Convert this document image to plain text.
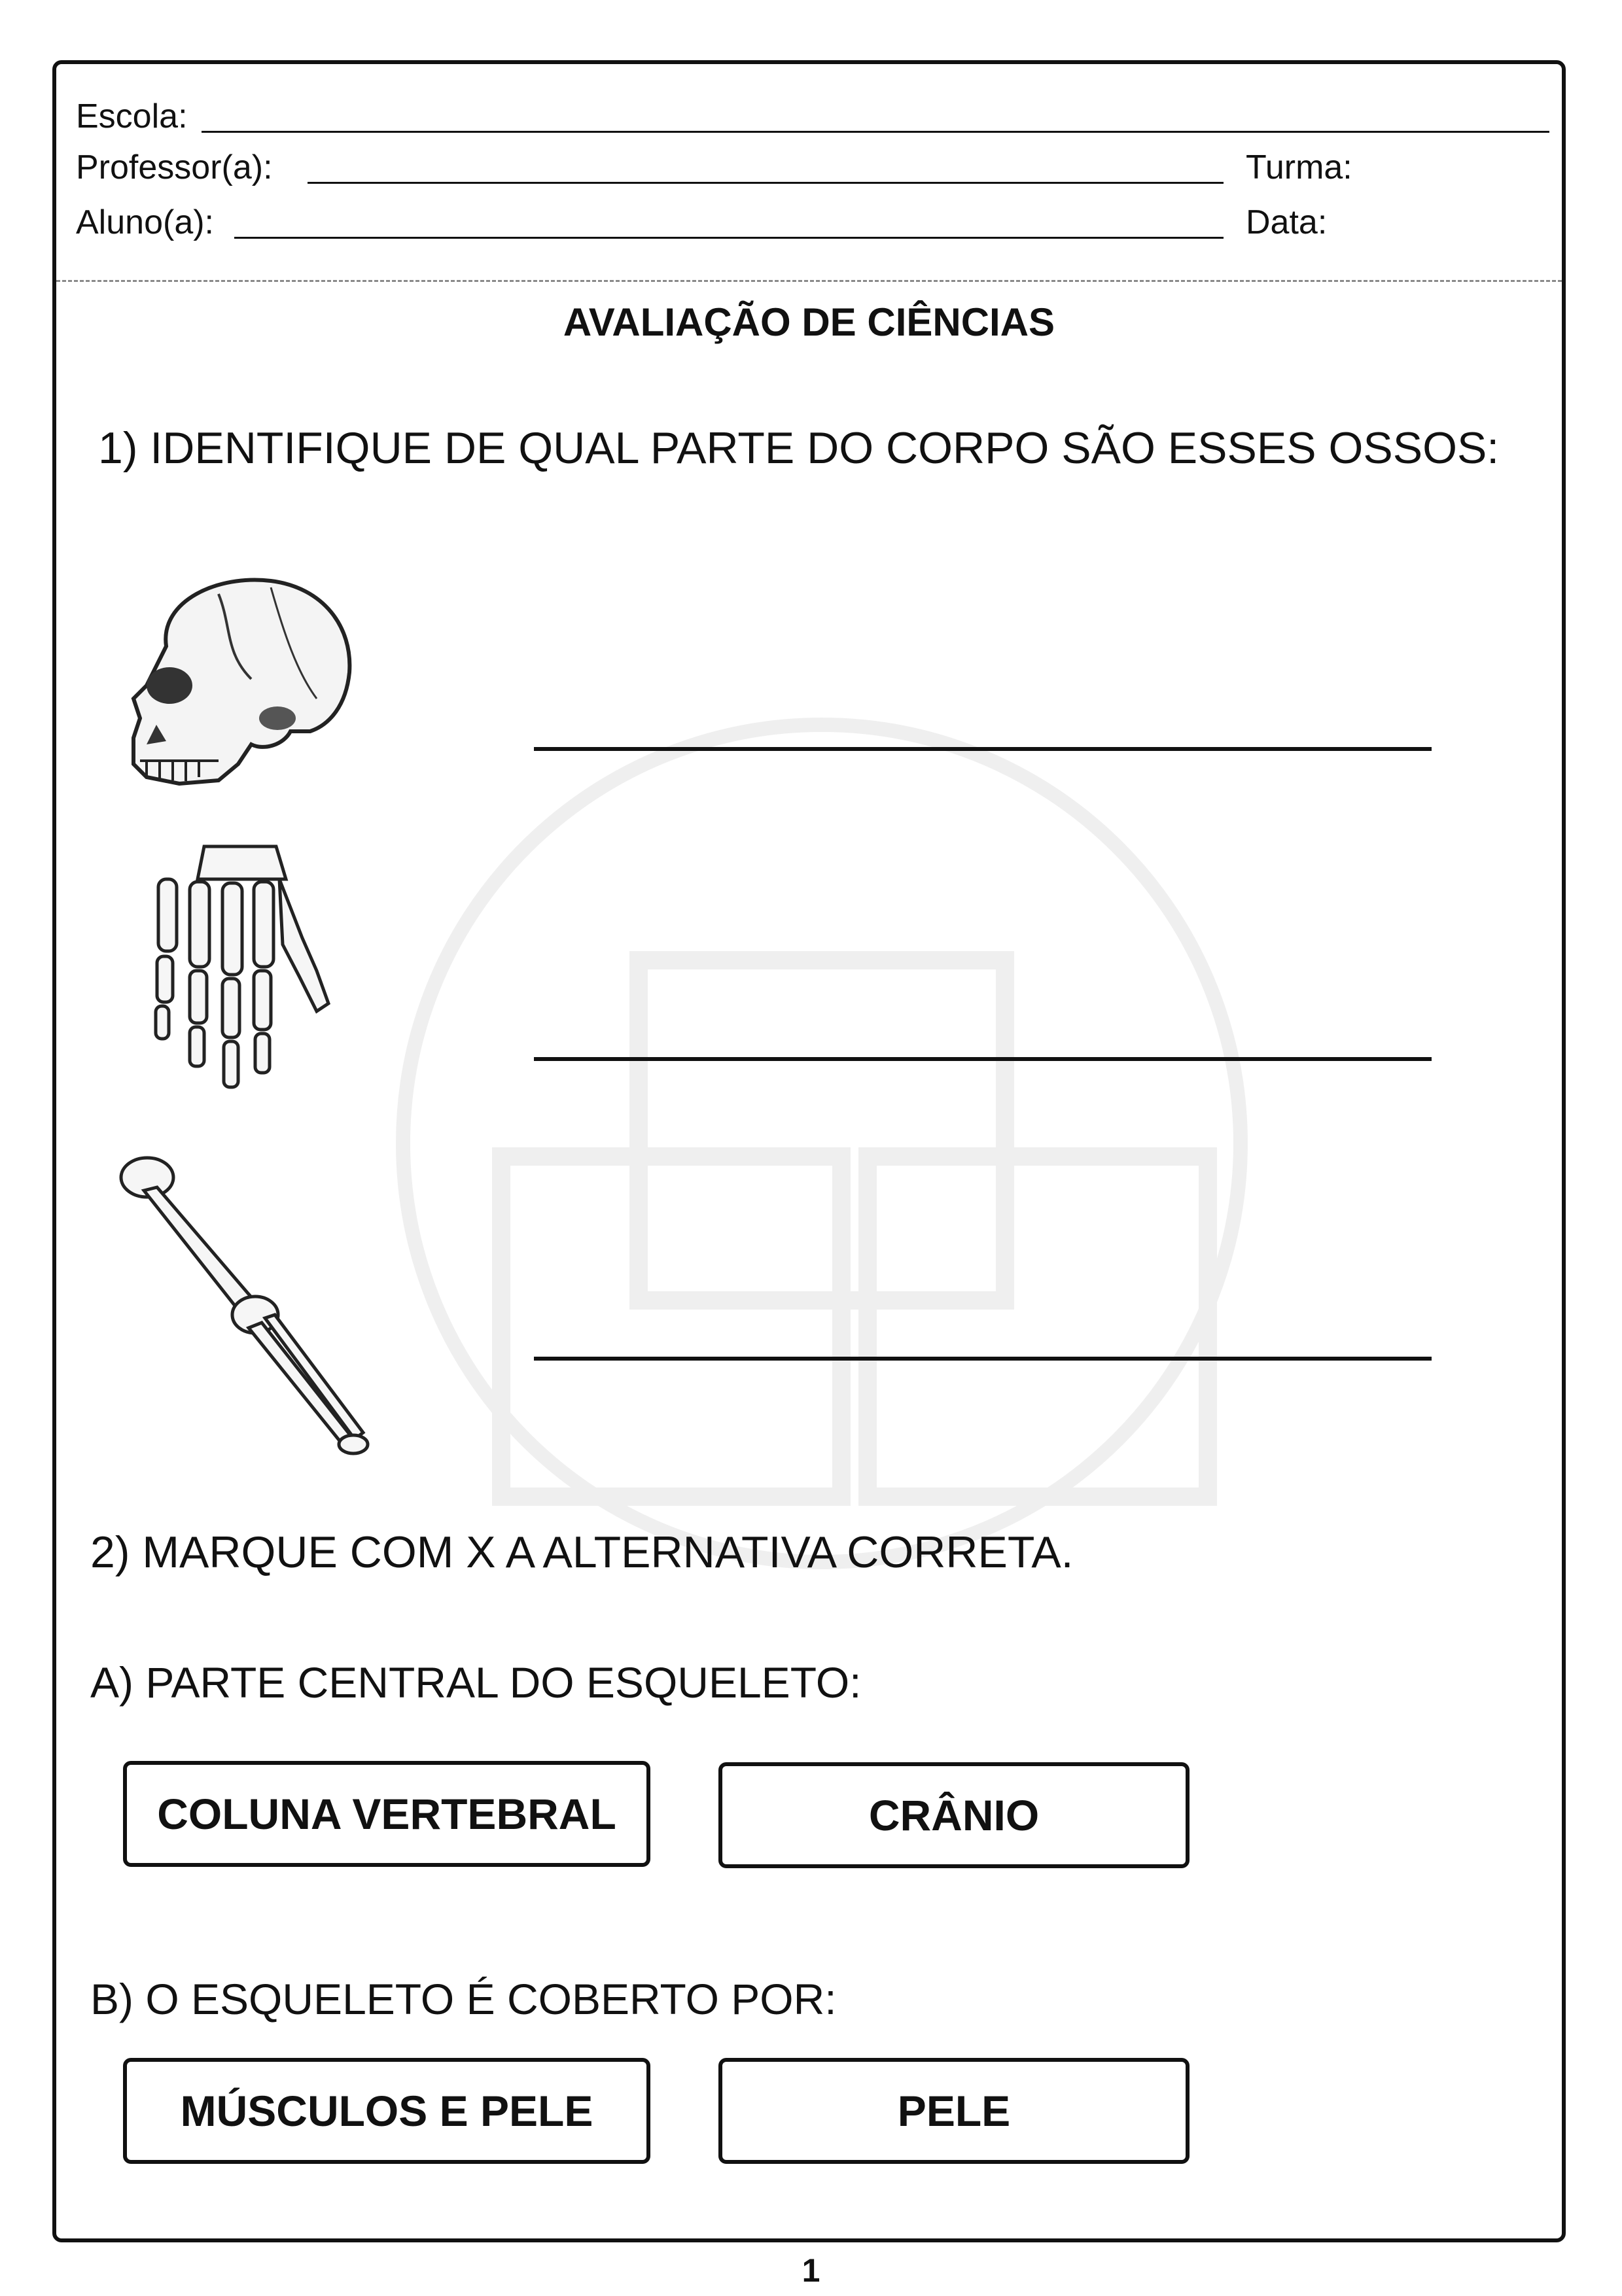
Escola:
Professor(a):	Turma:
Aluno(a):	Data:
AVALIAÇÃO DE CIÊNCIAS
1) IDENTIFIQUE DE QUAL PARTE DO CORPO SÃO ESSES OSSOS:
2) MARQUE COM X A ALTERNATIVA CORRETA.
A) PARTE CENTRAL DO ESQUELETO:
COLUNA VERTEBRAL	CRÂNIO
B) O ESQUELETO É COBERTO POR:
MÚSCULOS E PELE	PELE
1
